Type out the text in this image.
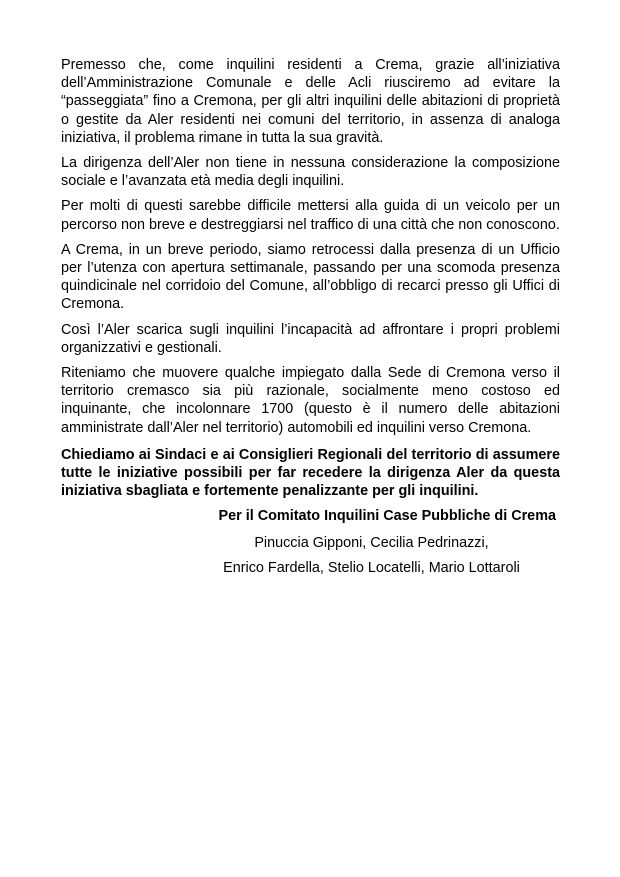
Premesso che, come inquilini residenti a Crema, grazie all’iniziativa dell’Amministrazione Comunale e delle Acli riusciremo ad evitare la “passeggiata” fino a Cremona, per gli altri inquilini delle abitazioni di proprietà o gestite da Aler residenti nei comuni del territorio, in assenza di analoga iniziativa, il problema rimane in tutta la sua gravità.

La dirigenza dell’Aler non tiene in nessuna considerazione la composizione sociale e l’avanzata età media degli inquilini.

Per molti di questi sarebbe difficile mettersi alla guida di un veicolo per un percorso non breve e destreggiarsi nel traffico di una città che non conoscono.

A Crema, in un breve periodo, siamo retrocessi dalla presenza di un Ufficio per l’utenza con apertura settimanale, passando per una scomoda presenza quindicinale nel corridoio del Comune, all’obbligo di recarci presso gli Uffici di Cremona.

Così l’Aler scarica sugli inquilini l’incapacità ad affrontare i propri problemi organizzativi e gestionali.

Riteniamo che muovere qualche impiegato dalla Sede di Cremona verso il territorio cremasco sia più razionale, socialmente meno costoso ed inquinante, che incolonnare 1700 (questo è il numero delle abitazioni amministrate dall’Aler nel territorio) automobili ed inquilini verso Cremona.

Chiediamo ai Sindaci e ai Consiglieri Regionali del territorio di assumere tutte le iniziative possibili per far recedere la dirigenza Aler da questa iniziativa sbagliata e fortemente penalizzante per gli inquilini.

Per il Comitato Inquilini Case Pubbliche di Crema

Pinuccia Gipponi, Cecilia Pedrinazzi,

Enrico Fardella, Stelio Locatelli, Mario Lottaroli
